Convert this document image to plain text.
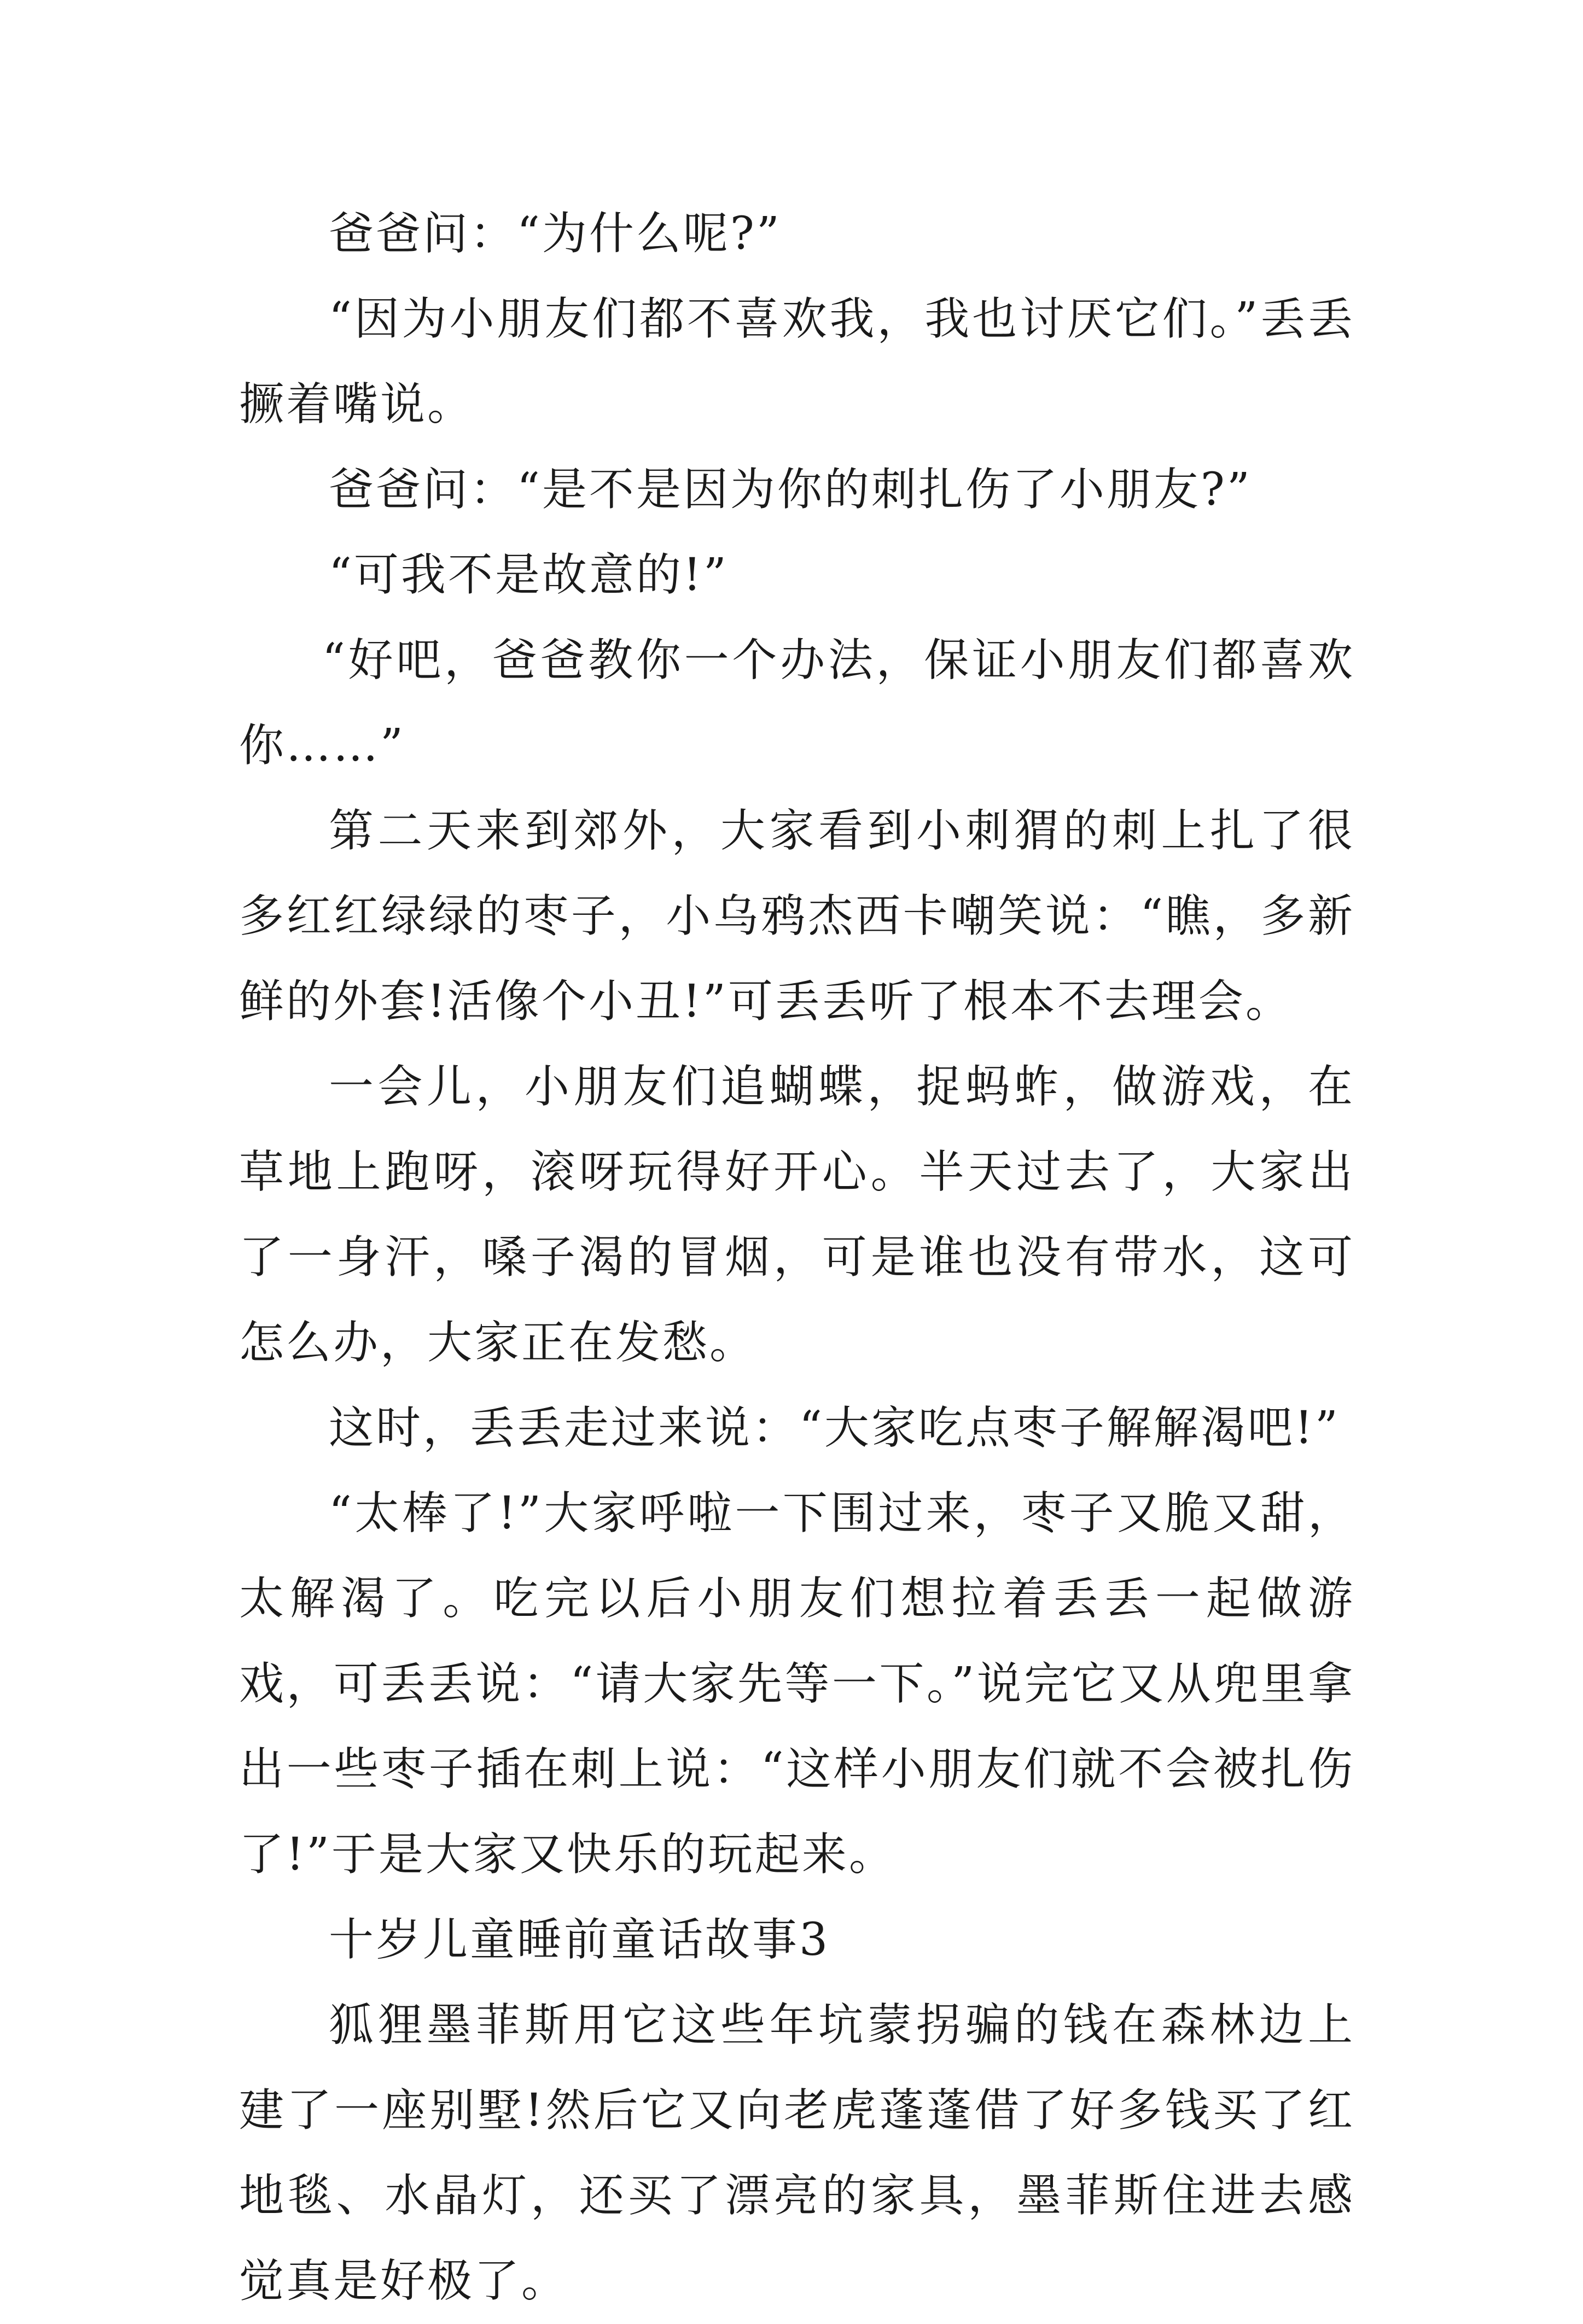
爸爸问：“为什么呢?”

“因为小朋友们都不喜欢我，我也讨厌它们。”丢丢撅着嘴说。

爸爸问：“是不是因为你的刺扎伤了小朋友?”

“可我不是故意的!”

“好吧，爸爸教你一个办法，保证小朋友们都喜欢你……”

第二天来到郊外，大家看到小刺猬的刺上扎了很多红红绿绿的枣子，小乌鸦杰西卡嘲笑说：“瞧，多新鲜的外套!活像个小丑!”可丢丢听了根本不去理会。

一会儿，小朋友们追蝴蝶，捉蚂蚱，做游戏，在草地上跑呀，滚呀玩得好开心。半天过去了，大家出了一身汗，嗓子渴的冒烟，可是谁也没有带水，这可怎么办，大家正在发愁。

这时，丢丢走过来说：“大家吃点枣子解解渴吧!”

“太棒了!”大家呼啦一下围过来，枣子又脆又甜，太解渴了。吃完以后小朋友们想拉着丢丢一起做游戏，可丢丢说：“请大家先等一下。”说完它又从兜里拿出一些枣子插在刺上说：“这样小朋友们就不会被扎伤了!”于是大家又快乐的玩起来。

十岁儿童睡前童话故事3

狐狸墨菲斯用它这些年坑蒙拐骗的钱在森林边上建了一座别墅!然后它又向老虎蓬蓬借了好多钱买了红地毯、水晶灯，还买了漂亮的家具，墨菲斯住进去感觉真是好极了。
